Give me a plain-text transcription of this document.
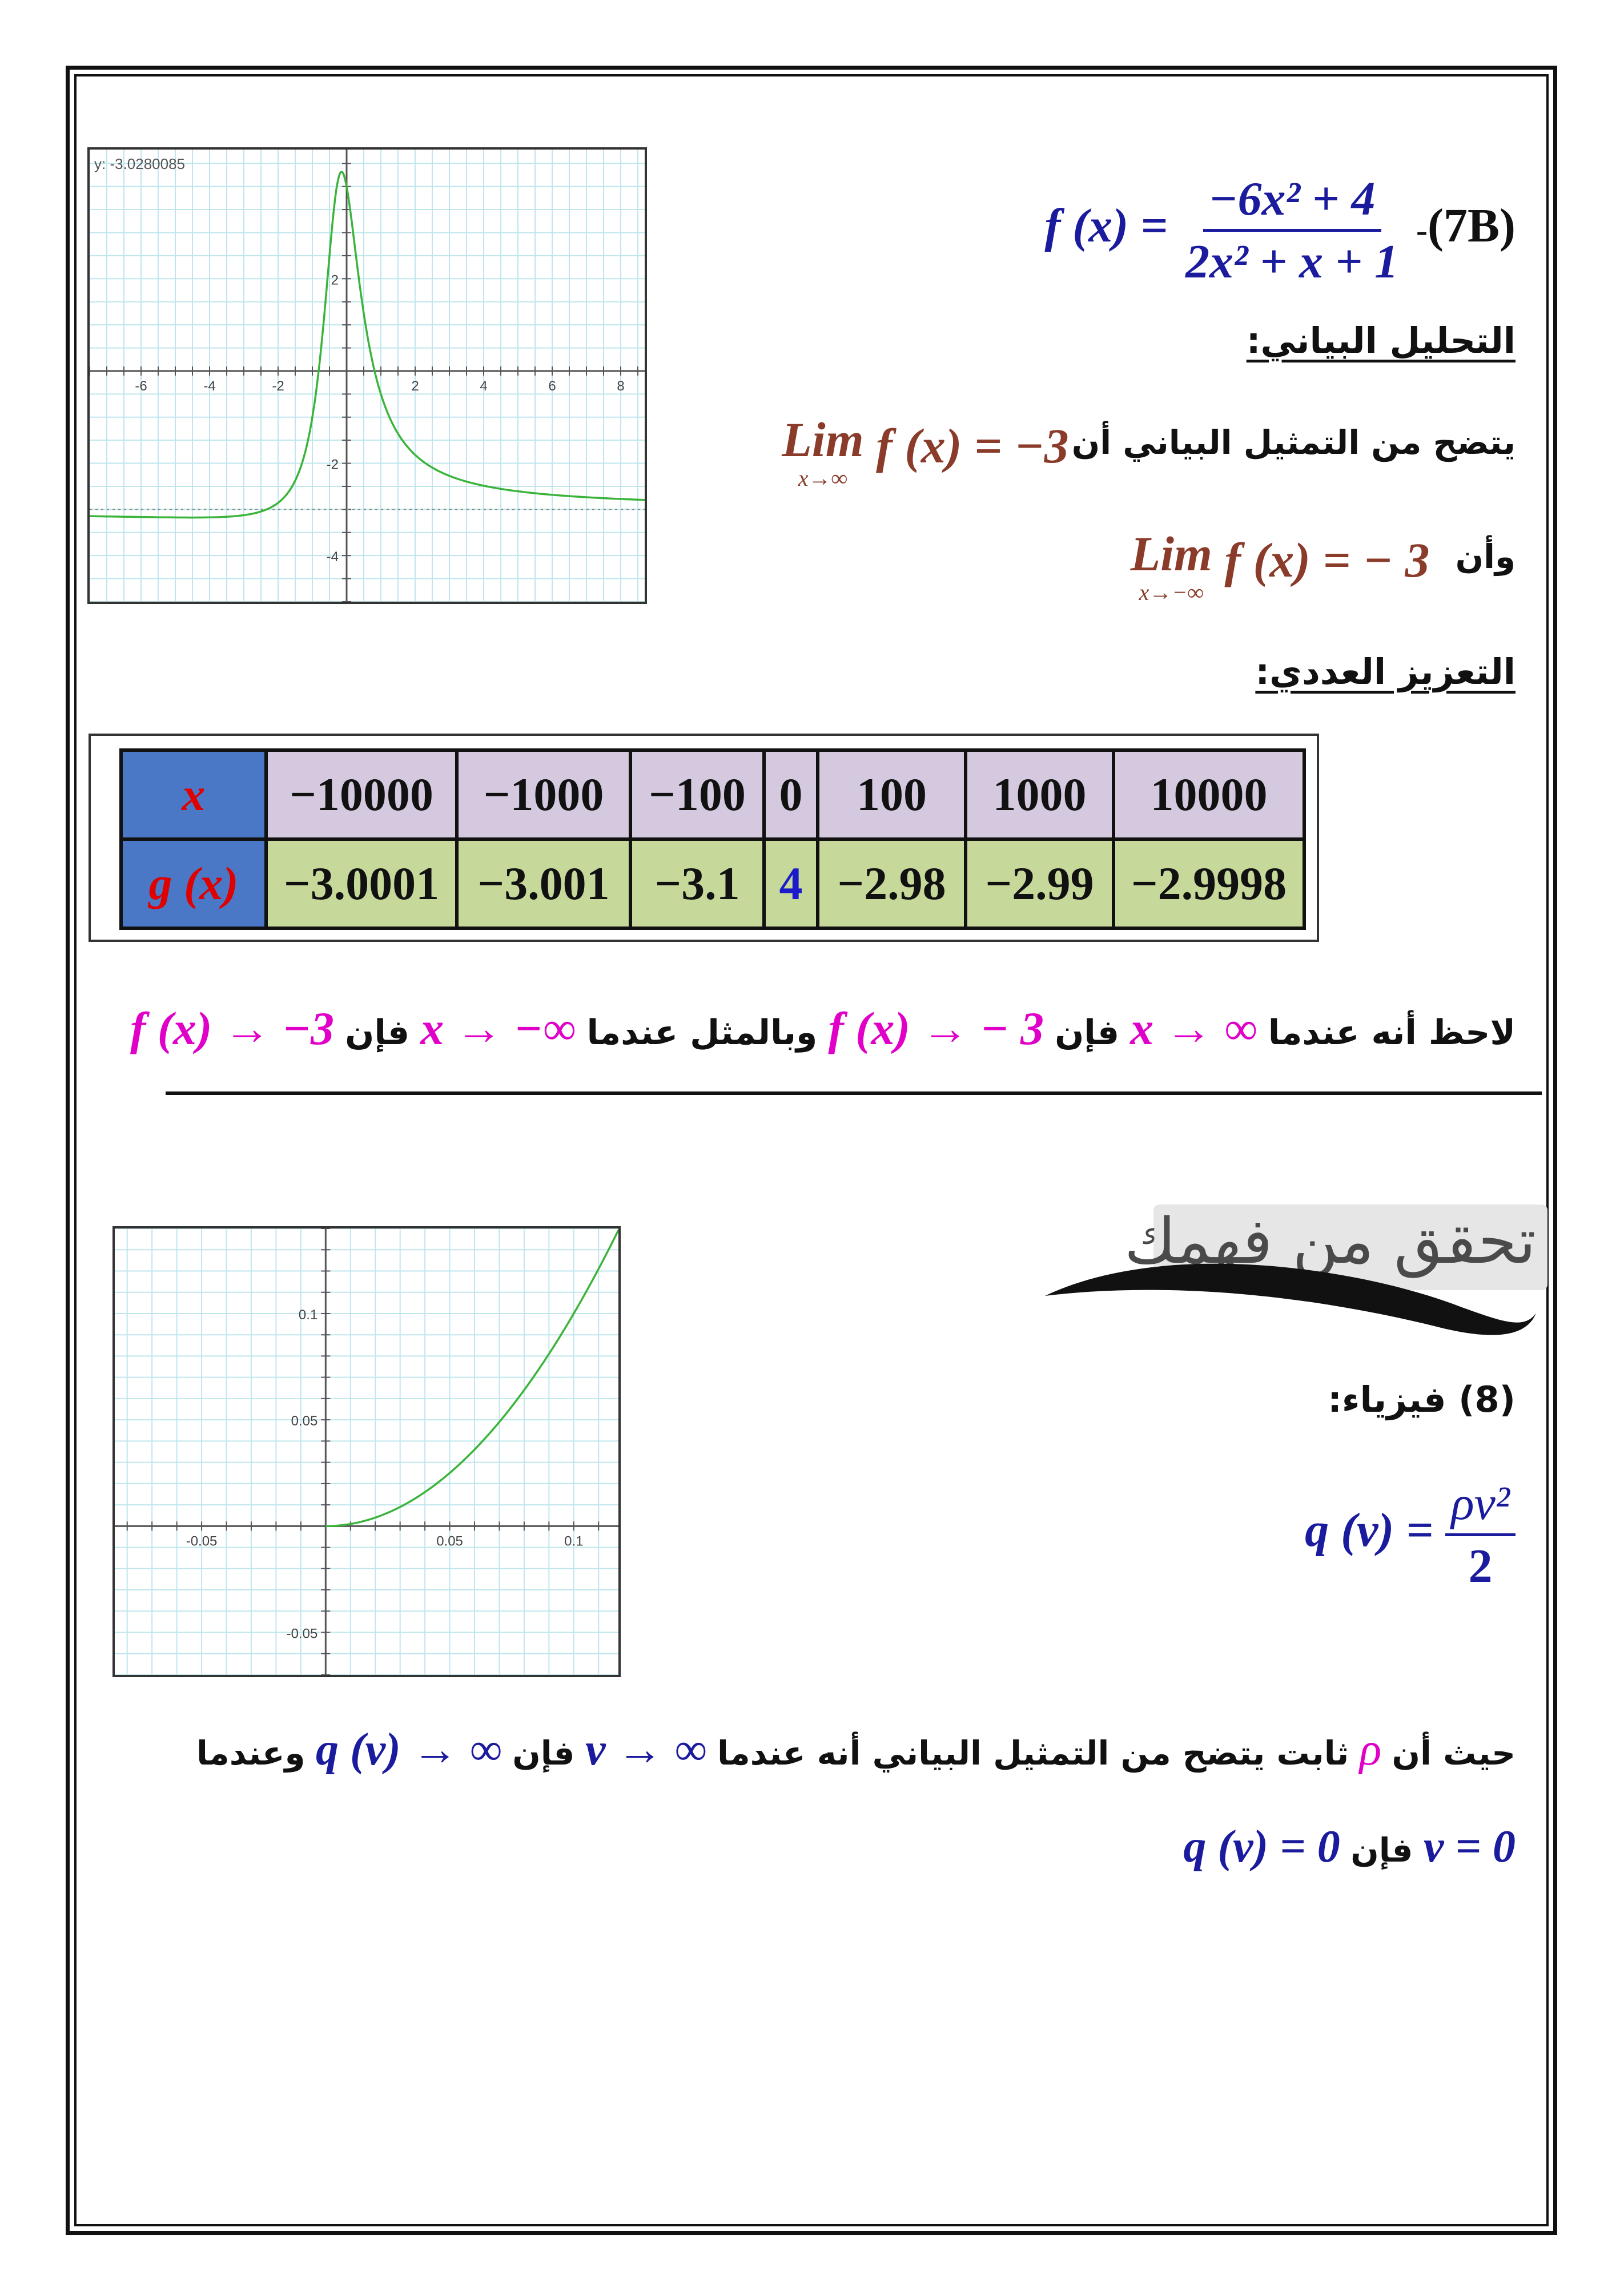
-6	-4	-2	2	4	6	8
2
-2
-4
y: -3.0280085
f $(x) = \frac{\text{−6x² + 4}}{\text{2x² + x + 1}} -(7B)$
التحليل البياني:
يتضح من التمثيل البياني أن
Lim
x→∞
f (x) = −3
وأن
Lim
x→−∞
f (x) = − 3
التعزيز العددي:
x	−10000	−1000	−100	0	100	1000	10000
g (x)	−3.0001	−3.001	−3.1	4	−2.98	−2.99	−2.9998
لاحظ أنه عندما x → ∞ فإن f (x) → − 3 وبالمثل عندما x → −∞ فإن f (x) → −3
-0.05	0.05	0.1
0.1
0.05
-0.05
تحقق من فهمك
(8) فيزياء:
q $(\nu) = \frac{\text{ρν²}}{2}$
حيث أن ρ ثابت يتضح من التمثيل البياني أنه عندما ν → ∞ فإن q (ν) → ∞ وعندما
ν = 0 فإن q (ν) = 0
